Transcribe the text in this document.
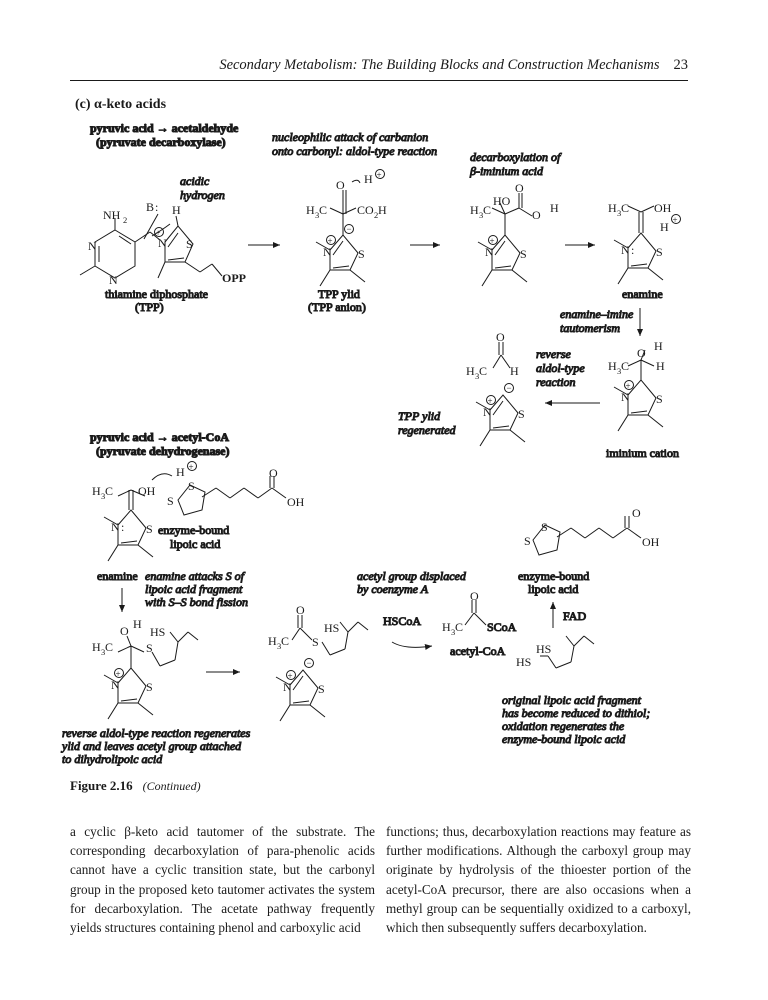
Secondary Metabolism: The Building Blocks and Construction Mechanisms 23
(c) α-keto acids
pyruvic acid → acetaldehyde
(pyruvate decarboxylase)	nucleophilic attack of carbanion
onto carbonyl: aldol-type reaction	decarboxylation of
β-iminium acid
acidic
hydrogen
NH 2
N
N
N S
H
B :
+
OPP
thiamine diphosphate
(TPP)
O H +
H 3 C CO 2 H
N S
+
−
TPP ylid
(TPP anion)
O
HO
H 3 C	O H
N S
+
H 3 C OH
H +
N : S
enamine
enamine–imine
tautomerism
O H
H 3 C H
N S
+
iminium cation
reverse
aldol-type
reaction
O
H 3 C H
N S
+
−
TPP ylid
regenerated
pyruvic acid → acetyl-CoA
(pyruvate dehydrogenase)
H 3 C OH
N : S
enamine
H +
S
S
O
OH
enzyme-bound
lipoic acid
enamine attacks S of
lipoic acid fragment
with S–S bond fission
O H
H 3 C	S
HS
N S
+
reverse aldol-type reaction regenerates
ylid and leaves acetyl group attached
to dihydrolipoic acid
O
H 3 C S
HS
N S
+
−
acetyl group displaced
by coenzyme A
HSCoA
O
H 3 C SCoA
acetyl-CoA	HS
HS
FAD
enzyme-bound
lipoic acid
S
S
O
OH
original lipoic acid fragment
has become reduced to dithiol;
oxidation regenerates the
enzyme-bound lipoic acid
Figure 2.16 (Continued)
a cyclic β-keto acid tautomer of the substrate. The corresponding decarboxylation of para-phenolic acids cannot have a cyclic transition state, but the carbonyl group in the proposed keto tautomer activates the system for decarboxylation. The acetate pathway frequently yields structures containing phenol and carboxylic acid
functions; thus, decarboxylation reactions may feature as further modifications. Although the carboxyl group may originate by hydrolysis of the thioester portion of the acetyl-CoA precursor, there are also occasions when a methyl group can be sequentially oxidized to a carboxyl, which then subsequently suffers decarboxylation.
